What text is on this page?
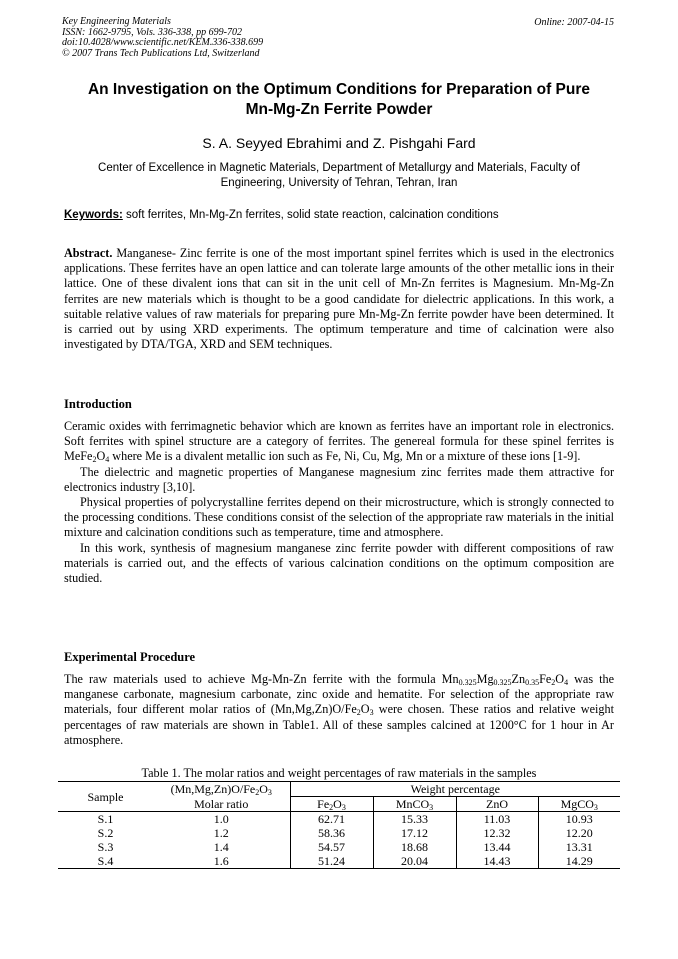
Key Engineering Materials
ISSN: 1662-9795, Vols. 336-338, pp 699-702
doi:10.4028/www.scientific.net/KEM.336-338.699
© 2007 Trans Tech Publications Ltd, Switzerland
Online: 2007-04-15
An Investigation on the Optimum Conditions for Preparation of Pure
Mn-Mg-Zn Ferrite Powder
S. A. Seyyed Ebrahimi and Z. Pishgahi Fard
Center of Excellence in Magnetic Materials, Department of Metallurgy and Materials, Faculty of
Engineering, University of Tehran, Tehran, Iran
Keywords: soft ferrites, Mn-Mg-Zn ferrites, solid state reaction, calcination conditions

Abstract. Manganese- Zinc ferrite is one of the most important spinel ferrites which is used in the electronics applications. These ferrites have an open lattice and can tolerate large amounts of the other metallic ions in their lattice. One of these divalent ions that can sit in the unit cell of Mn-Zn ferrites is Magnesium. Mn-Mg-Zn ferrites are new materials which is thought to be a good candidate for dielectric applications. In this work, a suitable relative values of raw materials for preparing pure Mn-Mg-Zn ferrite powder have been determined. It is carried out by using XRD experiments. The optimum temperature and time of calcination were also investigated by DTA/TGA, XRD and SEM techniques.

Introduction

Ceramic oxides with ferrimagnetic behavior which are known as ferrites have an important role in electronics. Soft ferrites with spinel structure are a category of ferrites. The genereal formula for these spinel ferrites is $MeFe_2O_4$ where Me is a divalent metallic ion such as Fe, Ni, Cu, Mg, Mn or a mixture of these ions [1-9].

The dielectric and magnetic properties of Manganese magnesium zinc ferrites made them attractive for electronics industry [3,10].

Physical properties of polycrystalline ferrites depend on their microstructure, which is strongly connected to the processing conditions. These conditions consist of the selection of the appropriate raw materials in the initial mixture and calcination conditions such as temperature, time and atmosphere.

In this work, synthesis of magnesium manganese zinc ferrite powder with different compositions of raw materials is carried out, and the effects of various calcination conditions on the optimum composition are studied.

Experimental Procedure

The raw materials used to achieve Mg-Mn-Zn ferrite with the formula $Mn_{0.325}Mg_{0.325}Zn_{0.35}Fe_2O_4$ was the manganese carbonate, magnesium carbonate, zinc oxide and hematite. For selection of the appropriate raw materials, four different molar ratios of $(Mn,Mg,Zn)O/Fe_2O_3$ were chosen. These ratios and relative weight percentages of raw materials are shown in Table1. All of these samples calcined at 1200°C for 1 hour in Ar atmosphere.

Table 1. The molar ratios and weight percentages of raw materials in the samples
Sample	$(Mn,Mg,Zn)O/Fe_2O_3$	Weight percentage			
	Molar ratio	$Fe_2O_3$	MnCO$_3$	ZnO	MgCO$_3$
S.1	1.0	62.71	15.33	11.03	10.93
S.2	1.2	58.36	17.12	12.32	12.20
S.3	1.4	54.57	18.68	13.44	13.31
S.4	1.6	51.24	20.04	14.43	14.29
